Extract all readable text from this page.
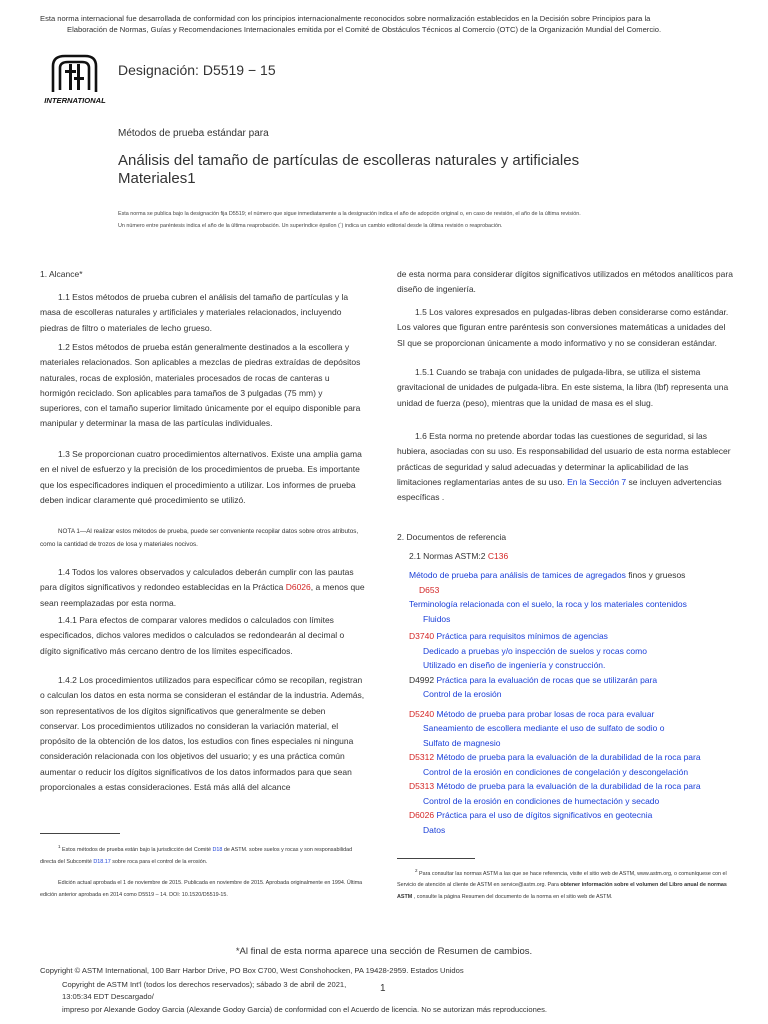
Esta norma internacional fue desarrollada de conformidad con los principios internacionalmente reconocidos sobre normalización establecidos en la Decisión sobre Principios para la
Elaboración de Normas, Guías y Recomendaciones Internacionales emitida por el Comité de Obstáculos Técnicos al Comercio (OTC) de la Organización Mundial del Comercio.
INTERNATIONAL
Designación: D5519 − 15
Métodos de prueba estándar para
Análisis del tamaño de partículas de escolleras naturales y artificiales
Materiales1
Esta norma se publica bajo la designación fija D5519; el número que sigue inmediatamente a la designación indica el año de adopción original o, en caso de revisión, el año de la última revisión.
Un número entre paréntesis indica el año de la última reaprobación. Un superíndice épsilon (´) indica un cambio editorial desde la última revisión o reaprobación.
1. Alcance*

1.1 Estos métodos de prueba cubren el análisis del tamaño de partículas y la masa de escolleras naturales y artificiales y materiales relacionados, incluyendo piedras de filtro o materiales de lecho grueso.

1.2 Estos métodos de prueba están generalmente destinados a la escollera y materiales relacionados. Son aplicables a mezclas de piedras extraídas de depósitos naturales, rocas de explosión, materiales procesados de rocas de canteras u hormigón reciclado. Son aplicables para tamaños de 3 pulgadas (75 mm) y superiores, con el tamaño superior limitado únicamente por el equipo disponible para manipular y determinar la masa de las partículas individuales.

1.3 Se proporcionan cuatro procedimientos alternativos. Existe una amplia gama en el nivel de esfuerzo y la precisión de los procedimientos de prueba. Es importante que los especificadores indiquen el procedimiento a utilizar. Los informes de prueba deben indicar claramente qué procedimiento se utilizó.

NOTA 1—Al realizar estos métodos de prueba, puede ser conveniente recopilar datos sobre otros atributos, como la cantidad de trozos de losa y materiales nocivos.

1.4 Todos los valores observados y calculados deberán cumplir con las pautas para dígitos significativos y redondeo establecidas en la Práctica D6026, a menos que sean reemplazadas por esta norma.

1.4.1 Para efectos de comparar valores medidos o calculados con límites especificados, dichos valores medidos o calculados se redondearán al decimal o dígito significativo más cercano dentro de los límites especificados.

1.4.2 Los procedimientos utilizados para especificar cómo se recopilan, registran o calculan los datos en esta norma se consideran el estándar de la industria. Además, son representativos de los dígitos significativos que generalmente se deben conservar. Los procedimientos utilizados no consideran la variación material, el propósito de la obtención de los datos, los estudios con fines especiales ni ninguna consideración relacionada con los objetivos del usuario; y es una práctica común aumentar o reducir los dígitos significativos de los datos informados para que sean proporcionales a estas consideraciones. Está más allá del alcance

$^1$ Estos métodos de prueba están bajo la jurisdicción del Comité D18 de ASTM. sobre suelos y rocas y son responsabilidad directa del Subcomité D18.17 sobre roca para el control de la erosión.

Edición actual aprobada el 1 de noviembre de 2015. Publicada en noviembre de 2015. Aprobada originalmente en 1994. Última edición anterior aprobada en 2014 como D5519 – 14. DOI: 10.1520/D5519-15.

de esta norma para considerar dígitos significativos utilizados en métodos analíticos para diseño de ingeniería.

1.5 Los valores expresados en pulgadas-libras deben considerarse como estándar. Los valores que figuran entre paréntesis son conversiones matemáticas a unidades del SI que se proporcionan únicamente a modo informativo y no se consideran estándar.

1.5.1 Cuando se trabaja con unidades de pulgada-libra, se utiliza el sistema gravitacional de unidades de pulgada-libra. En este sistema, la libra (lbf) representa una unidad de fuerza (peso), mientras que la unidad de masa es el slug.

1.6 Esta norma no pretende abordar todas las cuestiones de seguridad, si las hubiera, asociadas con su uso. Es responsabilidad del usuario de esta norma establecer prácticas de seguridad y salud adecuadas y determinar la aplicabilidad de las limitaciones reglamentarias antes de su uso. En la Sección 7 se incluyen advertencias específicas .

2. Documentos de referencia
2.1 Normas ASTM:2 C136
Método de prueba para análisis de tamices de agregados finos y gruesos
D653
Terminología relacionada con el suelo, la roca y los materiales contenidos
Fluidos
D3740 Práctica para requisitos mínimos de agencias
Dedicado a pruebas y/o inspección de suelos y rocas como
Utilizado en diseño de ingeniería y construcción.
D4992 Práctica para la evaluación de rocas que se utilizarán para
Control de la erosión
D5240 Método de prueba para probar losas de roca para evaluar
Saneamiento de escollera mediante el uso de sulfato de sodio o
Sulfato de magnesio
D5312 Método de prueba para la evaluación de la durabilidad de la roca para
Control de la erosión en condiciones de congelación y descongelación
D5313 Método de prueba para la evaluación de la durabilidad de la roca para
Control de la erosión en condiciones de humectación y secado
D6026 Práctica para el uso de dígitos significativos en geotecnia
Datos

$^2$ Para consultar las normas ASTM a las que se hace referencia, visite el sitio web de ASTM, www.astm.org, o comuníquese con el Servicio de atención al cliente de ASTM en service@astm.org. Para obtener información sobre el volumen del Libro anual de normas ASTM , consulte la página Resumen del documento de la norma en el sitio web de ASTM.

*Al final de esta norma aparece una sección de Resumen de cambios.
Copyright © ASTM International, 100 Barr Harbor Drive, PO Box C700, West Conshohocken, PA 19428-2959. Estados Unidos
Copyright de ASTM Int'l (todos los derechos reservados); sábado 3 de abril de 2021,	1
13:05:34 EDT Descargado/
impreso por Alexande Godoy Garcia (Alexande Godoy Garcia) de conformidad con el Acuerdo de licencia. No se autorizan más reproducciones.
